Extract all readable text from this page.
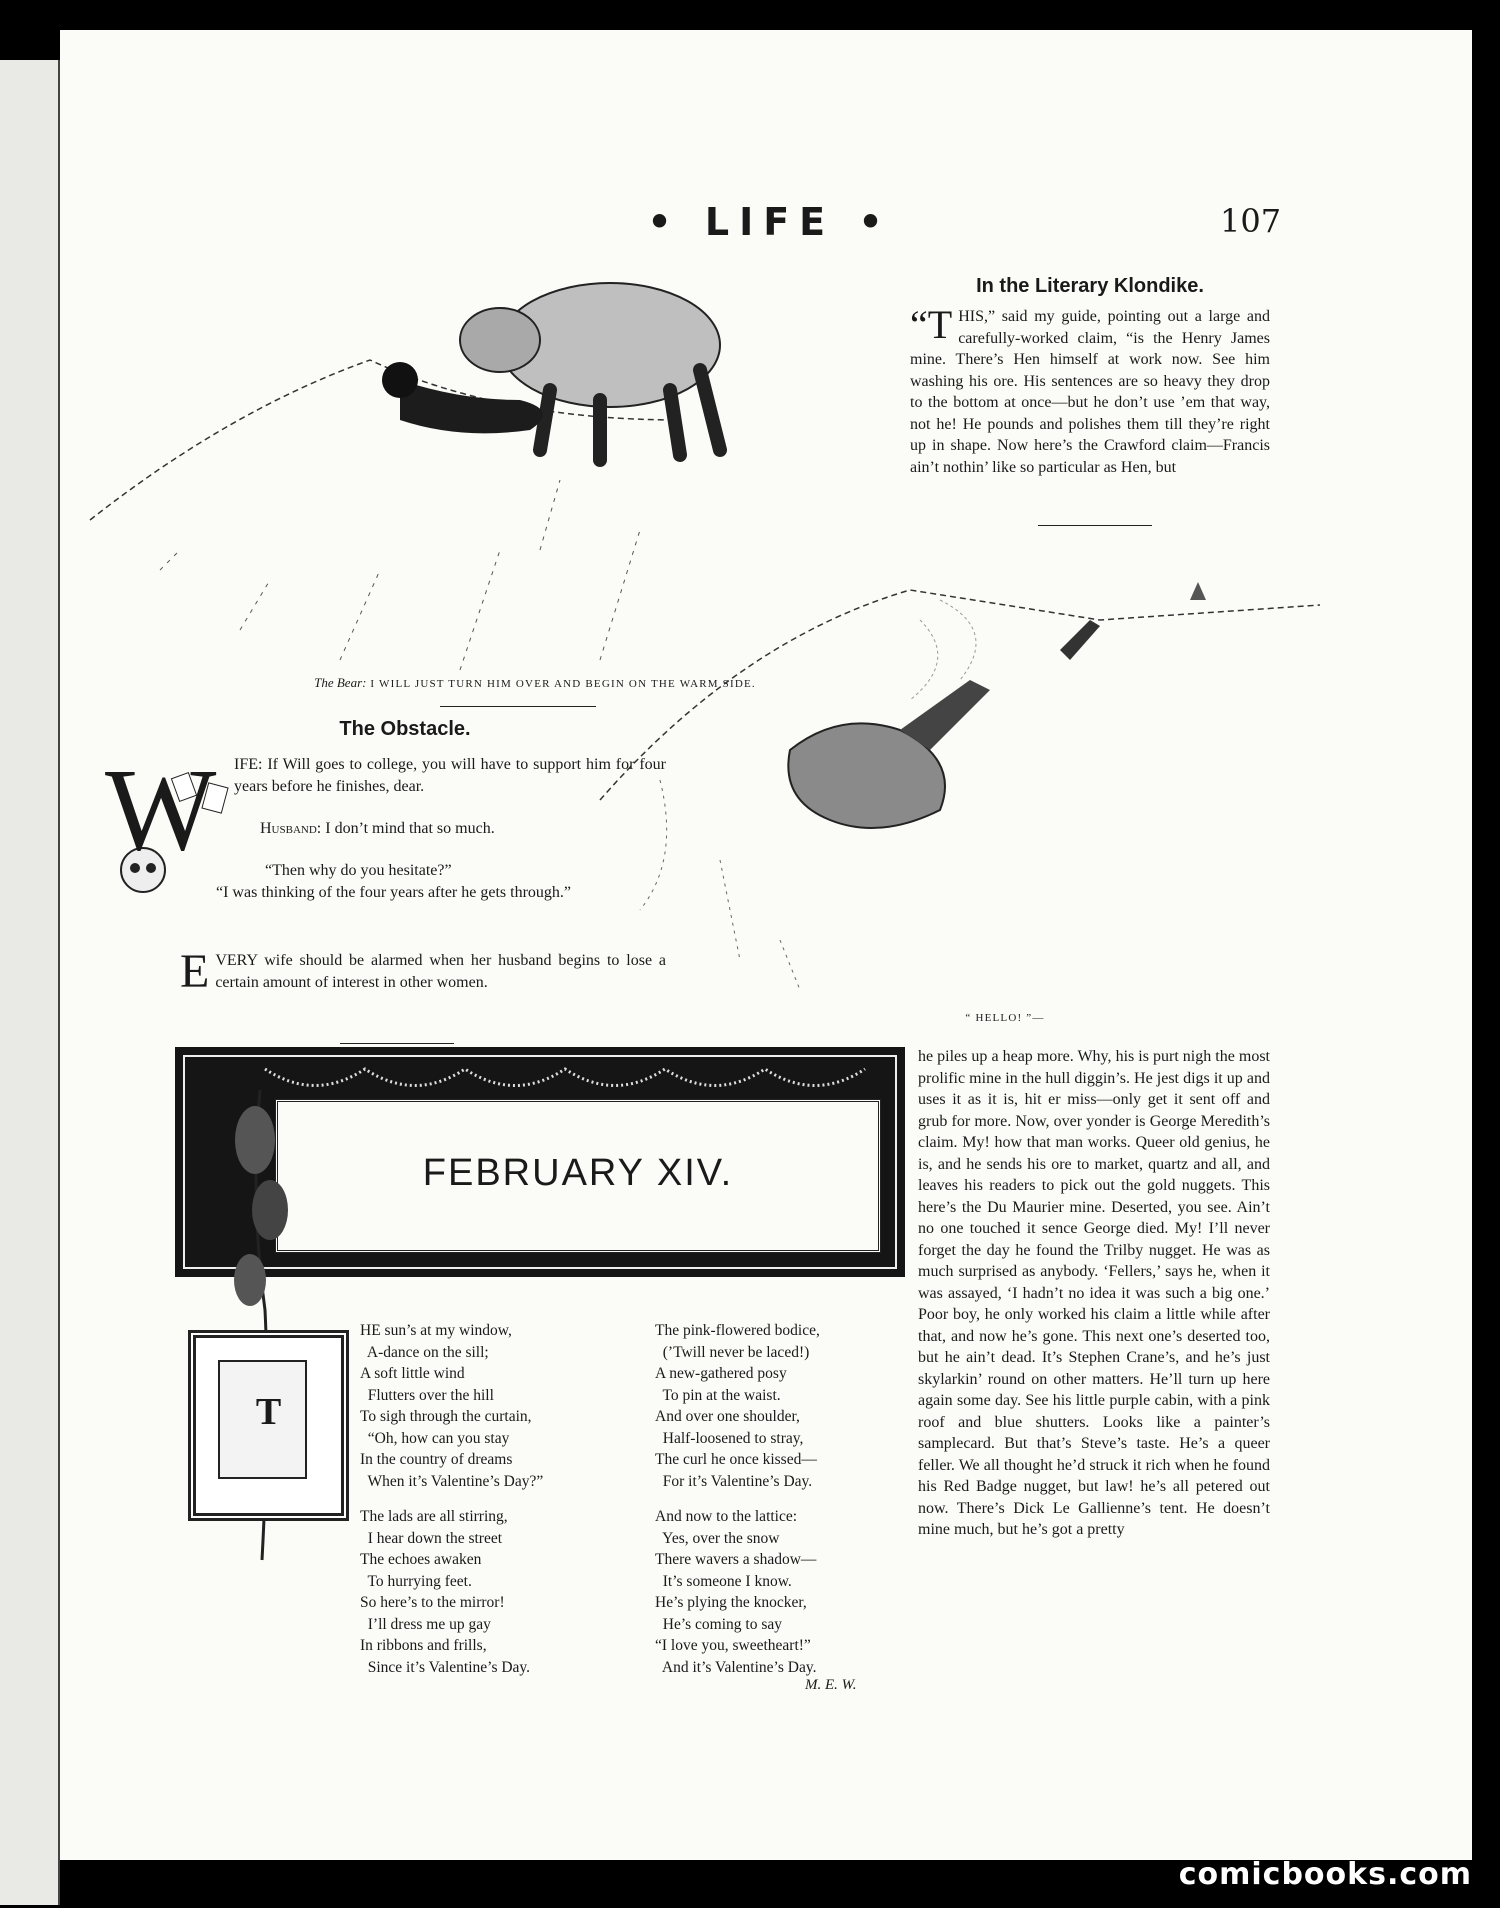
• LIFE •	107
The Bear: I WILL JUST TURN HIM OVER AND BEGIN ON THE WARM SIDE.
In the Literary Klondike.

“THIS,” said my guide, pointing out a large and carefully-worked claim, “is the Henry James mine. There’s Hen himself at work now. See him washing his ore. His sentences are so heavy they drop to the bottom at once—but he don’t use ’em that way, not he! He pounds and polishes them till they’re right up in shape. Now here’s the Crawford claim—Francis ain’t nothin’ like so particular as Hen, but

“ HELLO! ”—
The Obstacle.
W IFE: If Will goes to college, you will have to support him for four years before he finishes, dear.
Husband: I don’t mind that so much.
“Then why do you hesitate?”
“I was thinking of the four years after he gets through.”

EVERY wife should be alarmed when her husband begins to lose a certain amount of interest in other women.

FEBRUARY XIV.
T
HE sun’s at my window,
A-dance on the sill;
A soft little wind
Flutters over the hill
To sigh through the curtain,
“Oh, how can you stay
In the country of dreams
When it’s Valentine’s Day?”
The lads are all stirring,
I hear down the street
The echoes awaken
To hurrying feet.
So here’s to the mirror!
I’ll dress me up gay
In ribbons and frills,
Since it’s Valentine’s Day.
The pink-flowered bodice,
(’Twill never be laced!)
A new-gathered posy
To pin at the waist.
And over one shoulder,
Half-loosened to stray,
The curl he once kissed—
For it’s Valentine’s Day.
And now to the lattice:
Yes, over the snow
There wavers a shadow—
It’s someone I know.
He’s plying the knocker,
He’s coming to say
“I love you, sweetheart!”
And it’s Valentine’s Day.
M. E. W.
he piles up a heap more. Why, his is purt nigh the most prolific mine in the hull diggin’s. He jest digs it up and uses it as it is, hit er miss—only get it sent off and grub for more. Now, over yonder is George Meredith’s claim. My! how that man works. Queer old genius, he is, and he sends his ore to market, quartz and all, and leaves his readers to pick out the gold nuggets. This here’s the Du Maurier mine. Deserted, you see. Ain’t no one touched it sence George died. My! I’ll never forget the day he found the Trilby nugget. He was as much surprised as anybody. ‘Fellers,’ says he, when it was assayed, ‘I hadn’t no idea it was such a big one.’ Poor boy, he only worked his claim a little while after that, and now he’s gone. This next one’s deserted too, but he ain’t dead. It’s Stephen Crane’s, and he’s just skylarkin’ round on other matters. He’ll turn up here again some day. See his little purple cabin, with a pink roof and blue shutters. Looks like a painter’s samplecard. But that’s Steve’s taste. He’s a queer feller. We all thought he’d struck it rich when he found his Red Badge nugget, but law! he’s all petered out now. There’s Dick Le Gallienne’s tent. He doesn’t mine much, but he’s got a pretty
comicbooks.com
